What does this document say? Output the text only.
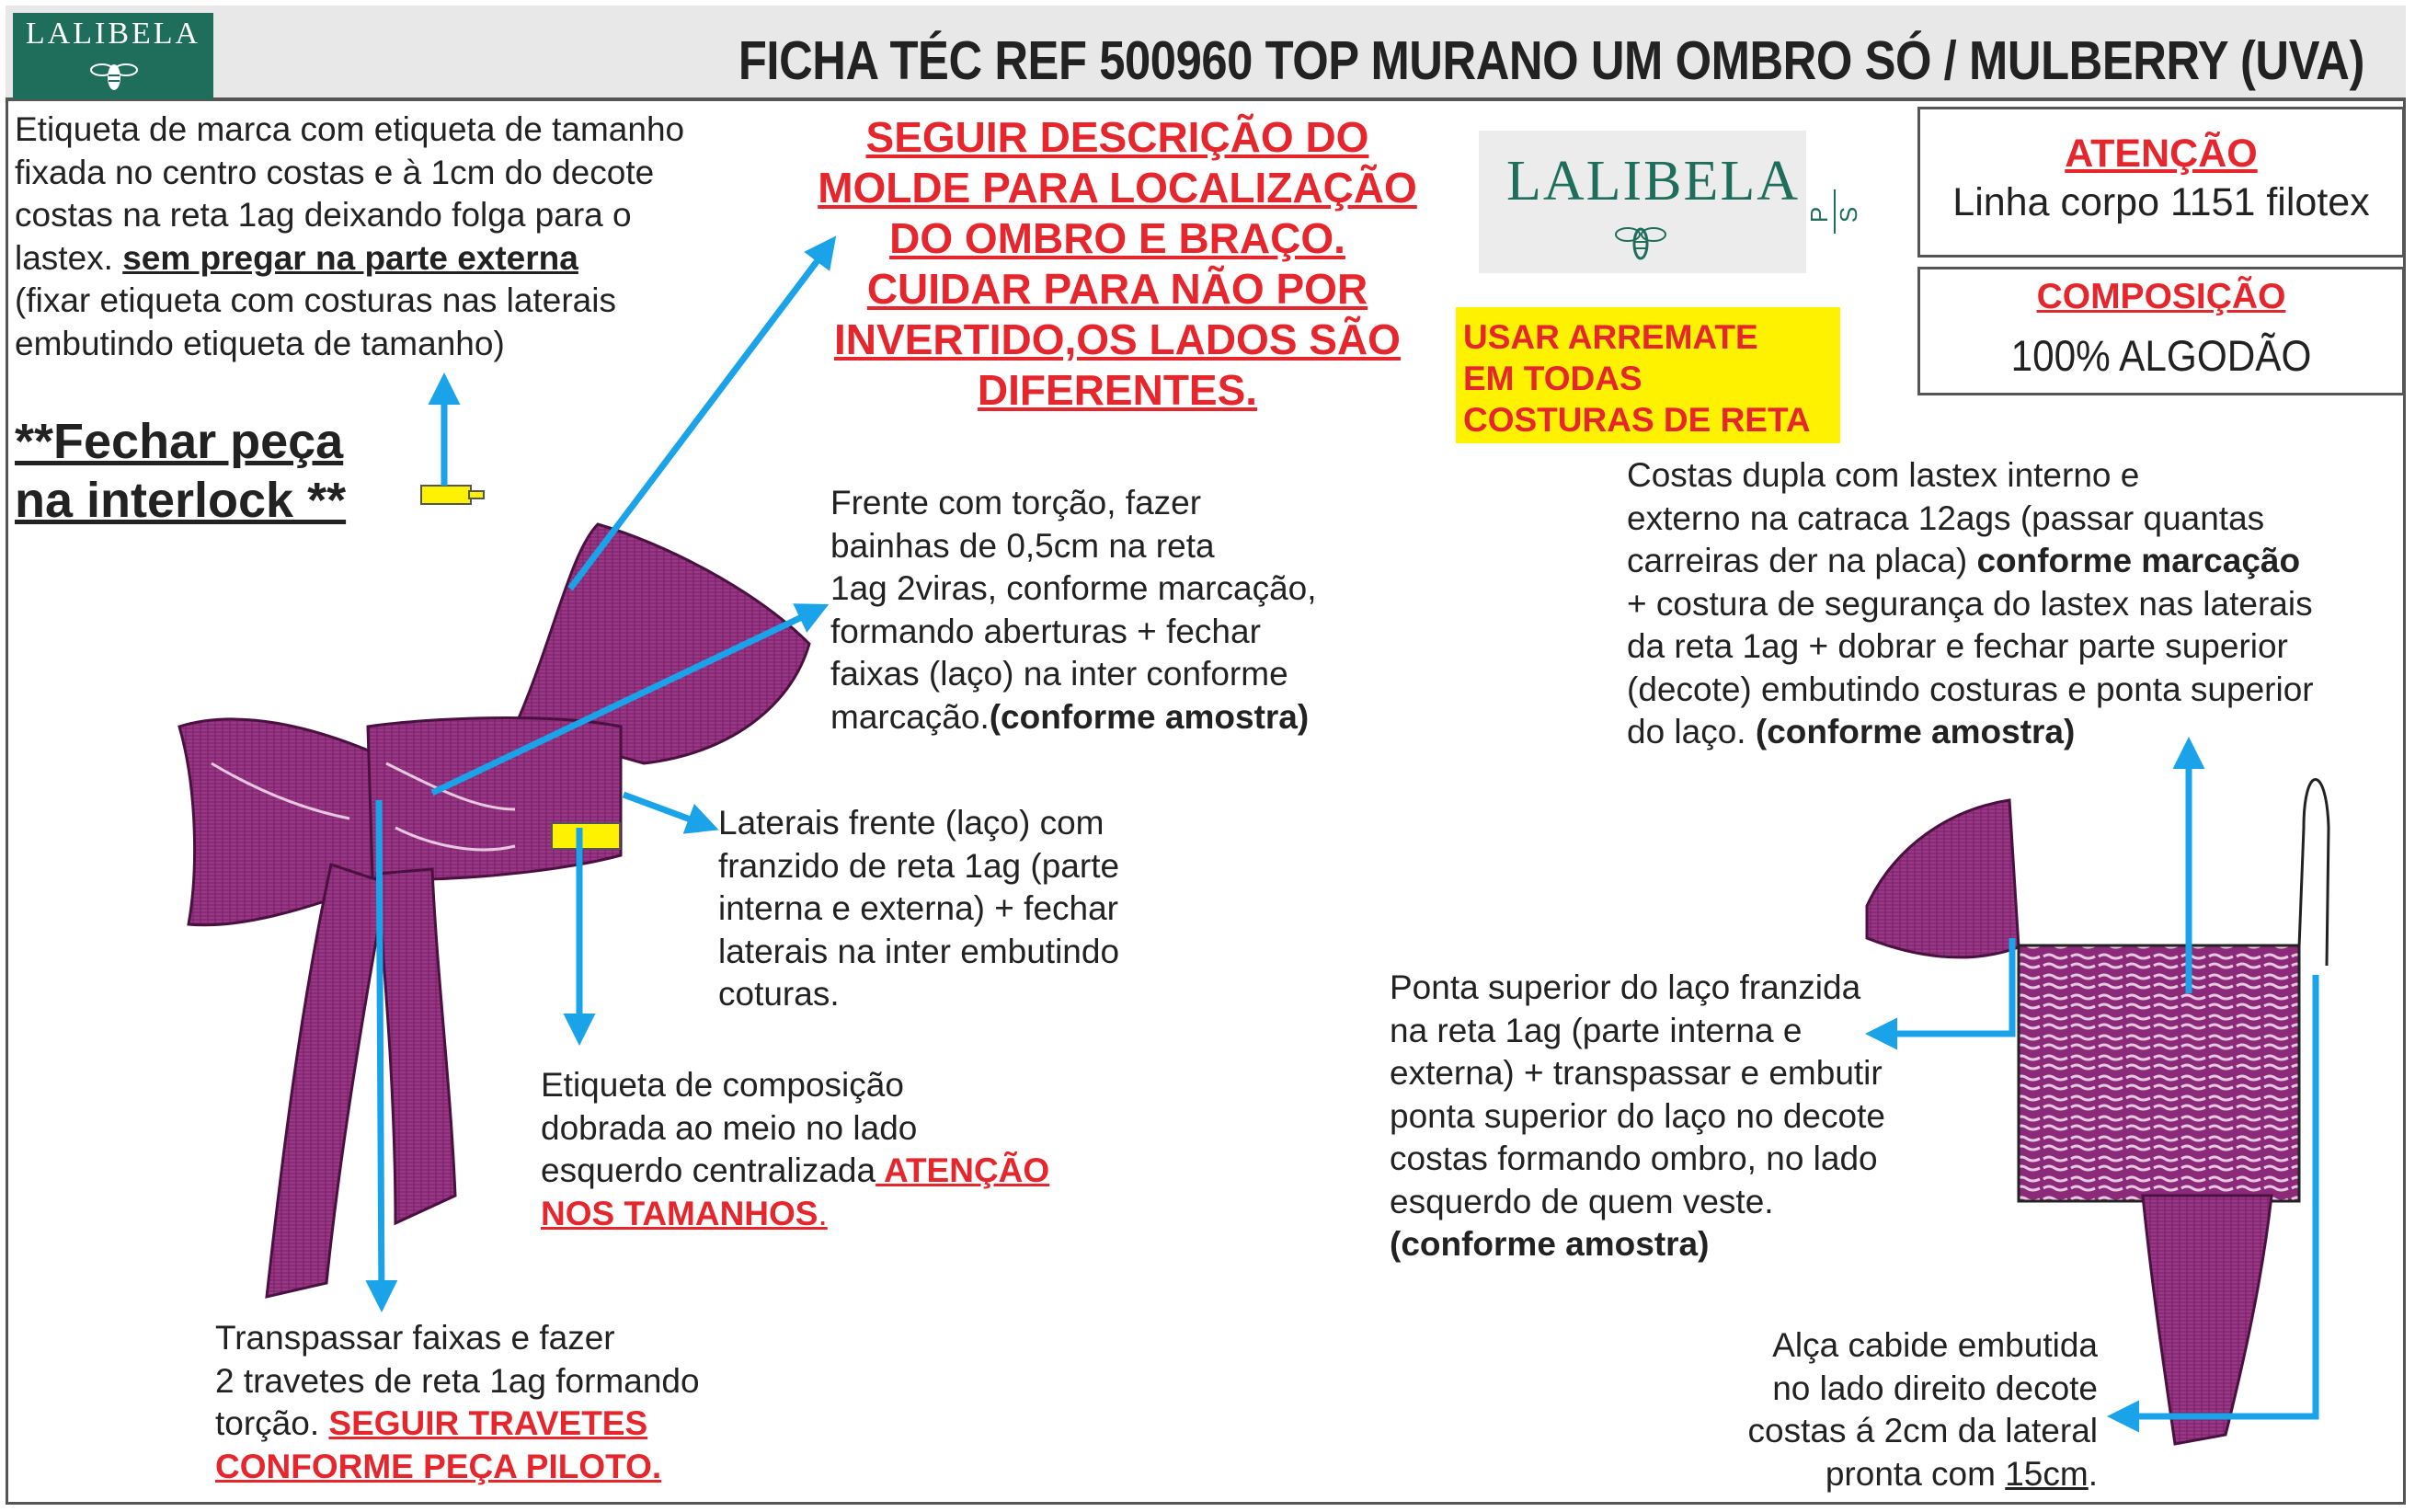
FICHA TÉC REF 500960 TOP MURANO UM OMBRO SÓ / MULBERRY (UVA)
LALIBELA
Etiqueta de marca com etiqueta de tamanho
fixada no centro costas e à 1cm do decote
costas na reta 1ag deixando folga para o
lastex. sem pregar na parte externa
(fixar etiqueta com costuras nas laterais
embutindo etiqueta de tamanho)
**Fechar peça
na interlock **
SEGUIR DESCRIÇÃO DO
MOLDE PARA LOCALIZAÇÃO
DO OMBRO E BRAÇO.
CUIDAR PARA NÃO POR
INVERTIDO,OS LADOS SÃO
DIFERENTES.
LALIBELA
P S
ATENÇÃO
Linha corpo 1151 filotex
COMPOSIÇÃO
100% ALGODÃO
USAR ARREMATE
EM TODAS
COSTURAS DE RETA
Frente com torção, fazer
bainhas de 0,5cm na reta
1ag 2viras, conforme marcação,
formando aberturas + fechar
faixas (laço) na inter conforme
marcação.(conforme amostra)
Laterais frente (laço) com
franzido de reta 1ag (parte
interna e externa) + fechar
laterais na inter embutindo
coturas.
Etiqueta de composição
dobrada ao meio no lado
esquerdo centralizada ATENÇÃO
NOS TAMANHOS.
Transpassar faixas e fazer
2 travetes de reta 1ag formando
torção. SEGUIR TRAVETES
CONFORME PEÇA PILOTO.
Costas dupla com lastex interno e
externo na catraca 12ags (passar quantas
carreiras der na placa) conforme marcação
+ costura de segurança do lastex nas laterais
da reta 1ag + dobrar e fechar parte superior
(decote) embutindo costuras e ponta superior
do laço. (conforme amostra)
Ponta superior do laço franzida
na reta 1ag (parte interna e
externa) + transpassar e embutir
ponta superior do laço no decote
costas formando ombro, no lado
esquerdo de quem veste.
(conforme amostra)
Alça cabide embutida
no lado direito decote
costas á 2cm da lateral
pronta com 15cm.
